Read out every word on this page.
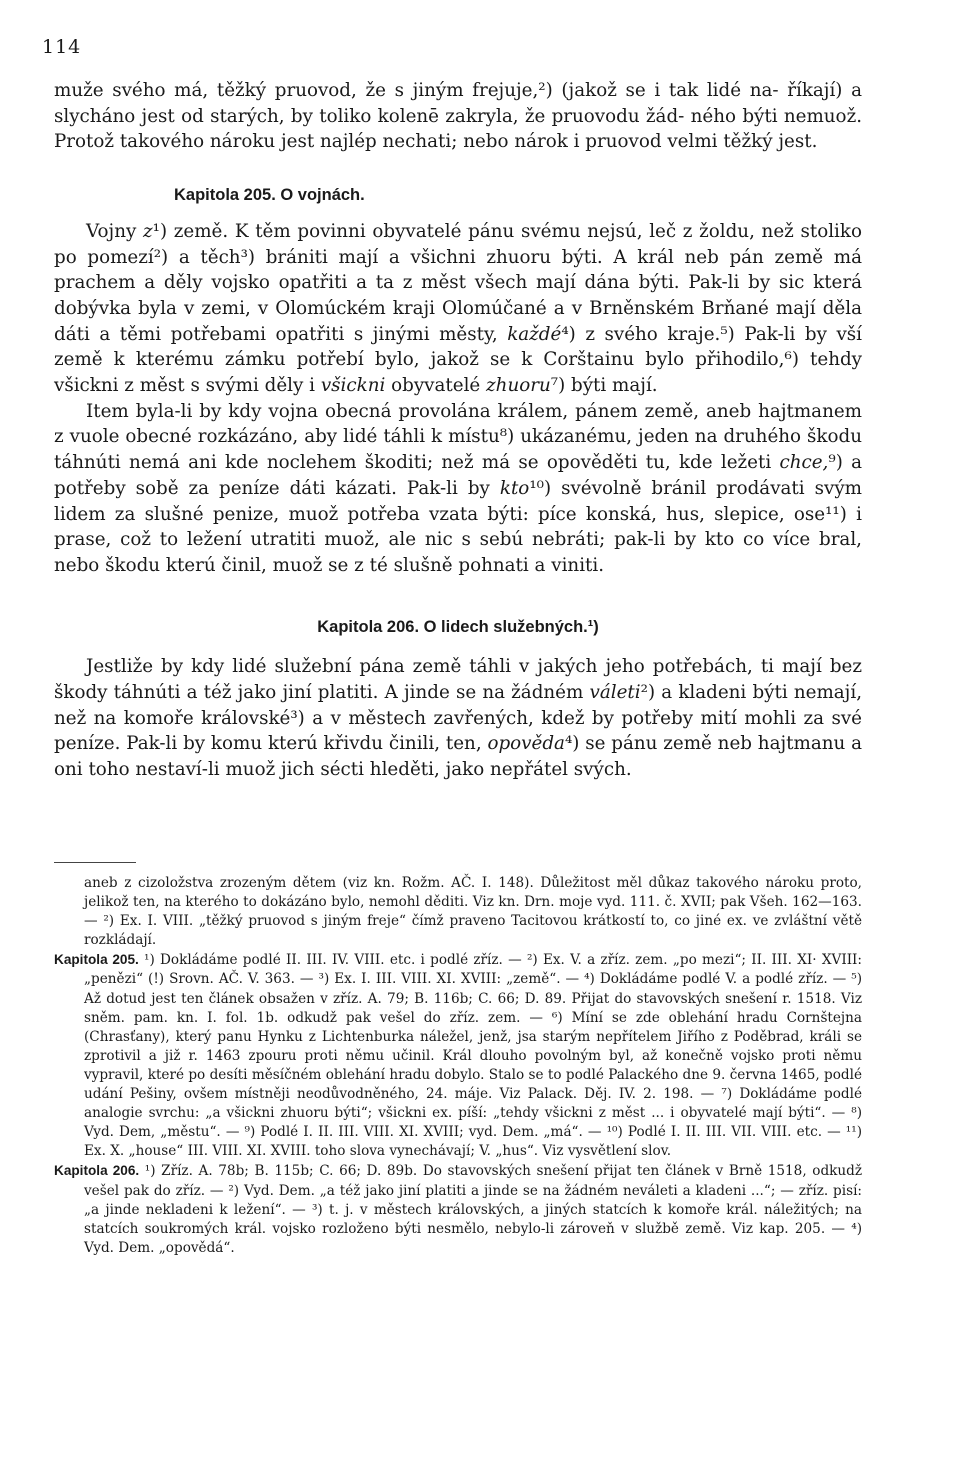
114

muže svého má, těžký pruovod, že s jiným frejuje,²) (jakož se i tak lidé na- říkají) a slycháno jest od starých, by toliko kolenē zakryla, že pruovodu žád- ného býti nemuož. Protož takového nároku jest najlép nechati; nebo nárok i pruovod velmi těžký jest.

Kapitola 205. O vojnách.

Vojny z¹) země. K těm povinni obyvatelé pánu svému nejsú, leč z žoldu, než stoliko po pomezí²) a těch³) brániti mají a všichni zhuoru býti. A král neb pán země má prachem a děly vojsko opatřiti a ta z měst všech mají dána býti. Pak-li by sic která dobývka byla v zemi, v Olomúckém kraji Olomúčané a v Brněnském Brňané mají děla dáti a těmi potřebami opatřiti s jinými městy, každé⁴) z svého kraje.⁵) Pak-li by vší země k kterému zámku potřebí bylo, jakož se k Corštainu bylo přihodilo,⁶) tehdy všicknі z měst s svými děly i všickni obyvatelé zhuoru⁷) býti mají.

Item byla-li by kdy vojna obecná provolána králem, pánem země, aneb hajtmanem z vuole obecné rozkázáno, aby lidé táhli k místu⁸) ukázanému, jeden na druhého škodu táhnúti nemá ani kde noclehem škoditi; než má se opověděti tu, kde ležeti chce,⁹) a potřeby sobě za peníze dáti kázati. Pak-li by kto¹⁰) svévolně bránil prodávati svým lidem za slušné penize, muož potřeba vzata býti: píce konská, hus, slepice, ose¹¹) i prase, což to ležení utratiti muož, ale nic s sebú nebráti; pak-li by kto co více bral, nebo škodu kterú činil, muož se z té slušně pohnati a viniti.

Kapitola 206. O lidech služebných.¹)

Jestliže by kdy lidé služební pána země táhli v jakých jeho potřebách, ti mají bez škody táhnúti a též jako jiní platiti. A jinde se na žádném váleti²) a kladeni býti nemají, než na komoře královské³) a v městech zavřených, kdež by potřeby mití mohli za své peníze. Pak-li by komu kterú křivdu činili, ten, opověda⁴) se pánu země neb hajtmanu a oni toho nestaví-li muož jich sécti hleděti, jako nepřátel svých.

aneb z cizoložstva zrozeným dětem (viz kn. Rožm. AČ. I. 148). Důležitost měl důkaz takového nároku proto, jelikož ten, na kterého to dokázáno bylo, nemohl děditi. Viz kn. Drn. moje vyd. 111. č. XVII; pak Všeh. 162—163. — ²) Ex. I. VIII. „těžký pruovod s jiným freje“ čímž praveno Tacitovou krátkostí to, co jiné ex. ve zvláštní větě rozkládají.

Kapitola 205. ¹) Dokládáme podlé II. III. IV. VIII. etc. i podlé zříz. — ²) Ex. V. a zříz. zem. „po mezi“; II. III. XI· XVIII: „penězi“ (!) Srovn. AČ. V. 363. — ³) Ex. I. III. VIII. XI. XVIII: „země“. — ⁴) Dokládáme podlé V. a podlé zříz. — ⁵) Až dotud jest ten článek obsažen v zříz. A. 79; B. 116b; C. 66; D. 89. Přijat do stavovských snešení r. 1518. Viz sněm. pam. kn. I. fol. 1b. odkudž pak vešel do zříz. zem. — ⁶) Míní se zde oblehání hradu Cornštejna (Chrasťany), který panu Hynku z Lichtenburka náležel, jenž, jsa starým nepřítelem Jiřího z Poděbrad, králi se zprotivil a již r. 1463 zpouru proti němu učinil. Král dlouho povolným byl, až konečně vojsko proti němu vypravil, které po desíti měsíčném oblehání hradu dobylo. Stalo se to podlé Palackého dne 9. června 1465, podlé udání Pešiny, ovšem místněji neodůvodněného, 24. máje. Viz Palack. Děj. IV. 2. 198. — ⁷) Dokládáme podlé analogie svrchu: „a všickni zhuoru býti“; všickni ex. píší: „tehdy všickni z měst ... i obyvatelé mají býti“. — ⁸) Vyd. Dem, „městu“. — ⁹) Podlé I. II. III. VIII. XI. XVIII; vyd. Dem. „má“. — ¹⁰) Podlé I. II. III. VII. VIII. etc. — ¹¹) Ex. X. „house“ III. VIII. XI. XVIII. toho slova vynechávají; V. „hus“. Viz vysvětlení slov.

Kapitola 206. ¹) Zříz. A. 78b; B. 115b; C. 66; D. 89b. Do stavovských snešení přijat ten článek v Brně 1518, odkudž vešel pak do zříz. — ²) Vyd. Dem. „a též jako jiní platiti a jinde se na žádném neváleti a kladeni ...“; — zříz. pisí: „a jinde nekladeni k ležení“. — ³) t. j. v městech královských, a jiných statcích k komoře král. náležitých; na statcích soukromých král. vojsko rozloženo býti nesmělo, nebylo-li zároveň v službě země. Viz kap. 205. — ⁴) Vyd. Dem. „opovědá“.
